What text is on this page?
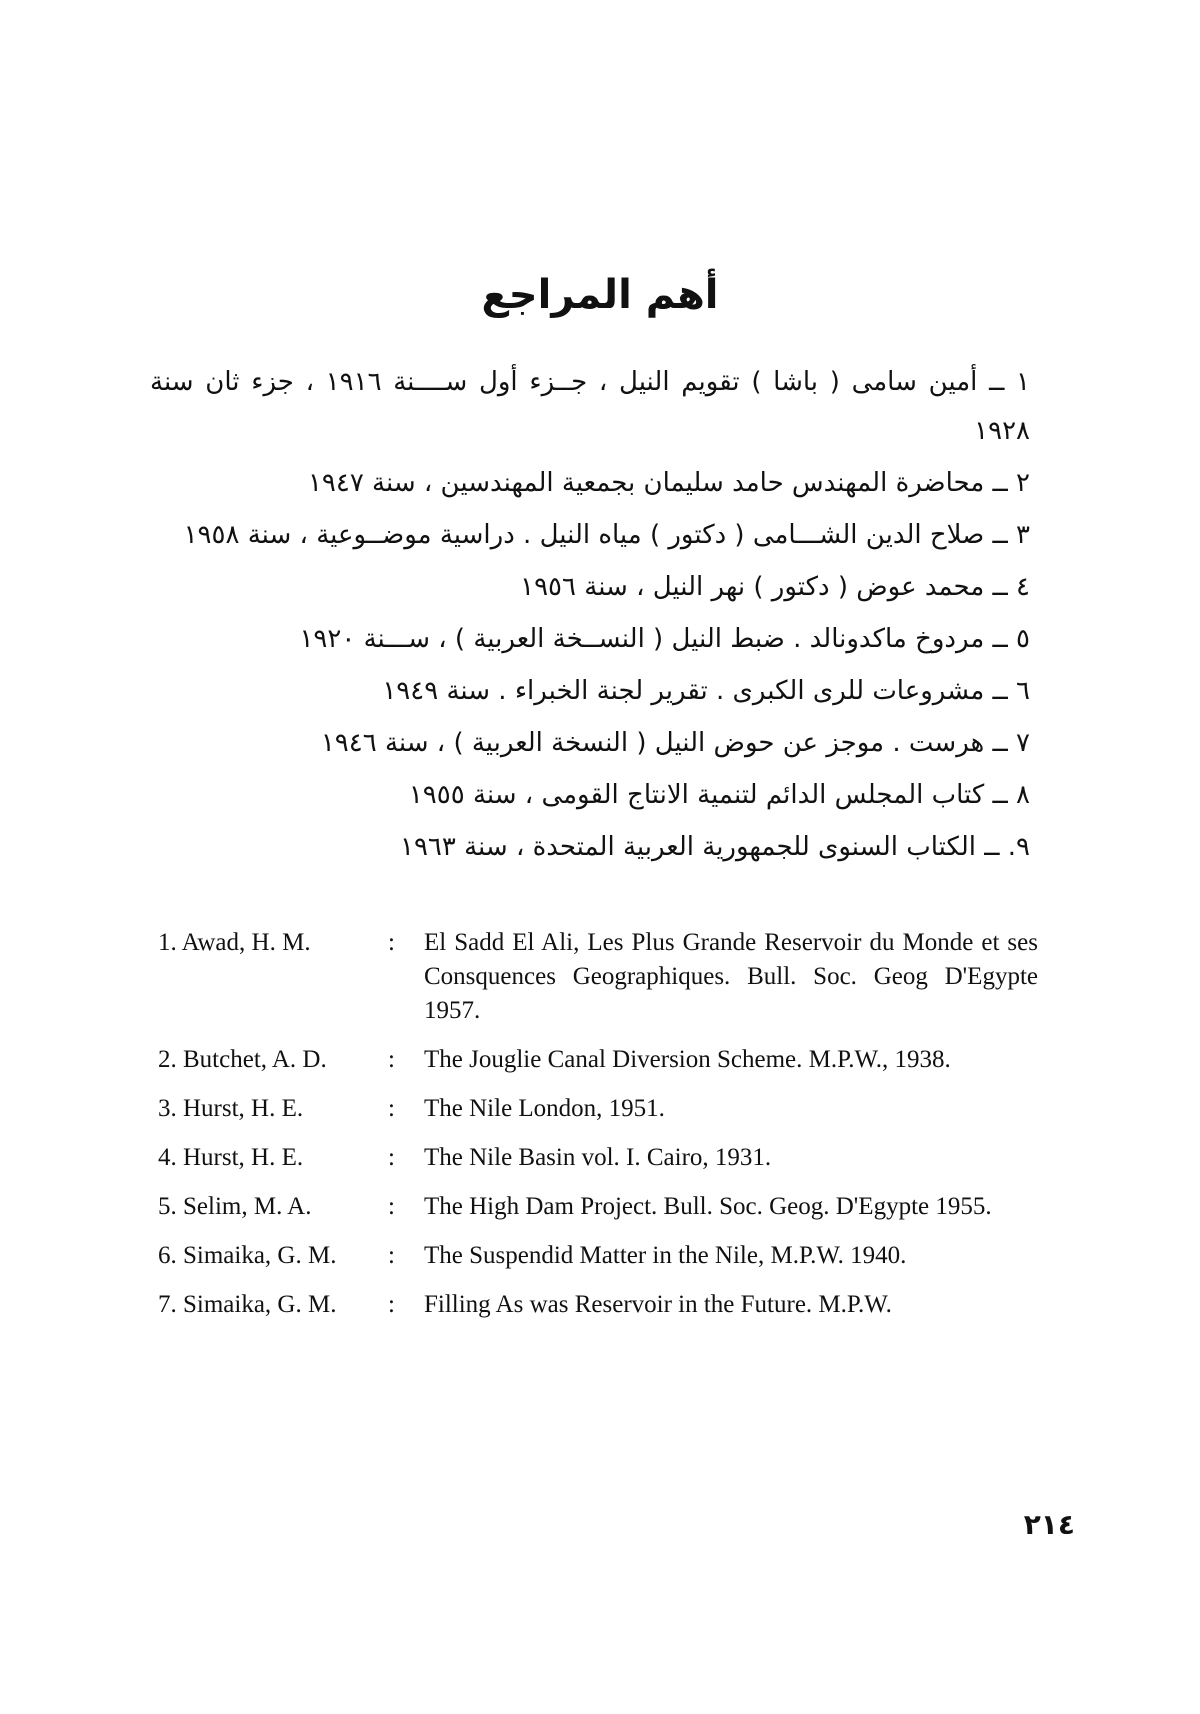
أهم المراجع
١ ــ أمين سامى ( باشا ) تقويم النيل ، جــزء أول ســــنة ١٩١٦ ، جزء ثان سنة ١٩٢٨
٢ ــ محاضرة المهندس حامد سليمان بجمعية المهندسين ، سنة ١٩٤٧
٣ ــ صلاح الدين الشـــامى ( دكتور ) مياه النيل . دراسية موضــوعية ، سنة ١٩٥٨
٤ ــ محمد عوض ( دكتور ) نهر النيل ، سنة ١٩٥٦
٥ ــ مردوخ ماكدونالد . ضبط النيل ( النســخة العربية ) ، ســـنة ١٩٢٠
٦ ــ مشروعات للرى الكبرى . تقرير لجنة الخبراء . سنة ١٩٤٩
٧ ــ هرست . موجز عن حوض النيل ( النسخة العربية ) ، سنة ١٩٤٦
٨ ــ كتاب المجلس الدائم لتنمية الانتاج القومى ، سنة ١٩٥٥
٩. ــ الكتاب السنوى للجمهورية العربية المتحدة ، سنة ١٩٦٣
1. Awad, H. M.	:	El Sadd El Ali, Les Plus Grande Reservoir du Monde et ses Consquences Geographiques. Bull. Soc. Geog D'Egypte 1957.
2. Butchet, A. D.	:	The Jouglie Canal Diversion Scheme. M.P.W., 1938.
3. Hurst, H. E.	:	The Nile London, 1951.
4. Hurst, H. E.	:	The Nile Basin vol. I. Cairo, 1931.
5. Selim, M. A.	:	The High Dam Project. Bull. Soc. Geog. D'Egypte 1955.
6. Simaika, G. M.	:	The Suspendid Matter in the Nile, M.P.W. 1940.
7. Simaika, G. M.	:	Filling As was Reservoir in the Future. M.P.W.
٢١٤
